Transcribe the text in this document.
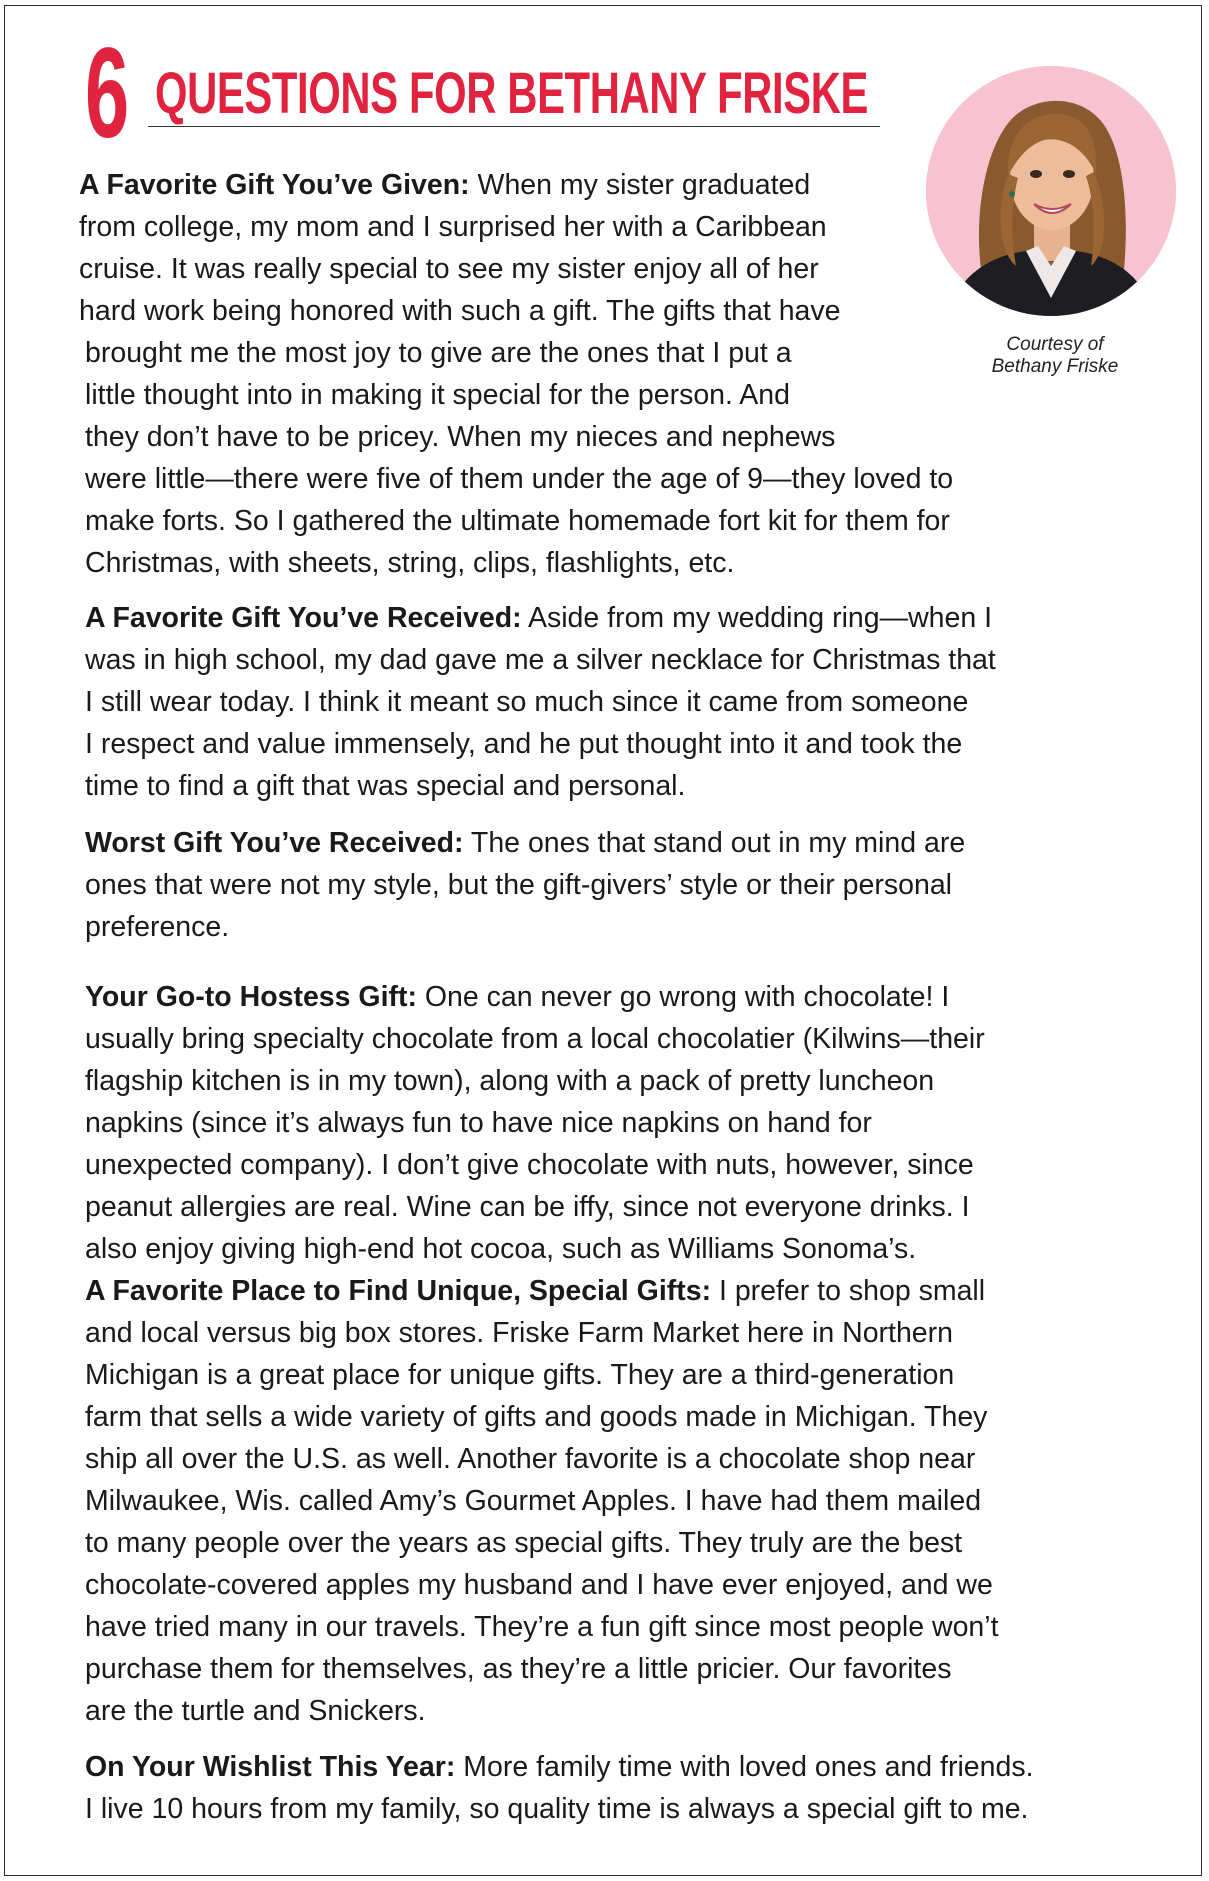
6 QUESTIONS FOR BETHANY FRISKE
Courtesy of
Bethany Friske
A Favorite Gift You’ve Given: When my sister graduated
from college, my mom and I surprised her with a Caribbean
cruise. It was really special to see my sister enjoy all of her
hard work being honored with such a gift. The gifts that have
brought me the most joy to give are the ones that I put a
little thought into in making it special for the person. And
they don’t have to be pricey. When my nieces and nephews
were little—there were five of them under the age of 9—they loved to
make forts. So I gathered the ultimate homemade fort kit for them for
Christmas, with sheets, string, clips, flashlights, etc.
A Favorite Gift You’ve Received: Aside from my wedding ring—when I
was in high school, my dad gave me a silver necklace for Christmas that
I still wear today. I think it meant so much since it came from someone
I respect and value immensely, and he put thought into it and took the
time to find a gift that was special and personal.
Worst Gift You’ve Received: The ones that stand out in my mind are
ones that were not my style, but the gift-givers’ style or their personal
preference.
Your Go-to Hostess Gift: One can never go wrong with chocolate! I
usually bring specialty chocolate from a local chocolatier (Kilwins—their
flagship kitchen is in my town), along with a pack of pretty luncheon
napkins (since it’s always fun to have nice napkins on hand for
unexpected company). I don’t give chocolate with nuts, however, since
peanut allergies are real. Wine can be iffy, since not everyone drinks. I
also enjoy giving high-end hot cocoa, such as Williams Sonoma’s.
A Favorite Place to Find Unique, Special Gifts: I prefer to shop small
and local versus big box stores. Friske Farm Market here in Northern
Michigan is a great place for unique gifts. They are a third-generation
farm that sells a wide variety of gifts and goods made in Michigan. They
ship all over the U.S. as well. Another favorite is a chocolate shop near
Milwaukee, Wis. called Amy’s Gourmet Apples. I have had them mailed
to many people over the years as special gifts. They truly are the best
chocolate-covered apples my husband and I have ever enjoyed, and we
have tried many in our travels. They’re a fun gift since most people won’t
purchase them for themselves, as they’re a little pricier. Our favorites
are the turtle and Snickers.
On Your Wishlist This Year: More family time with loved ones and friends.
I live 10 hours from my family, so quality time is always a special gift to me.
